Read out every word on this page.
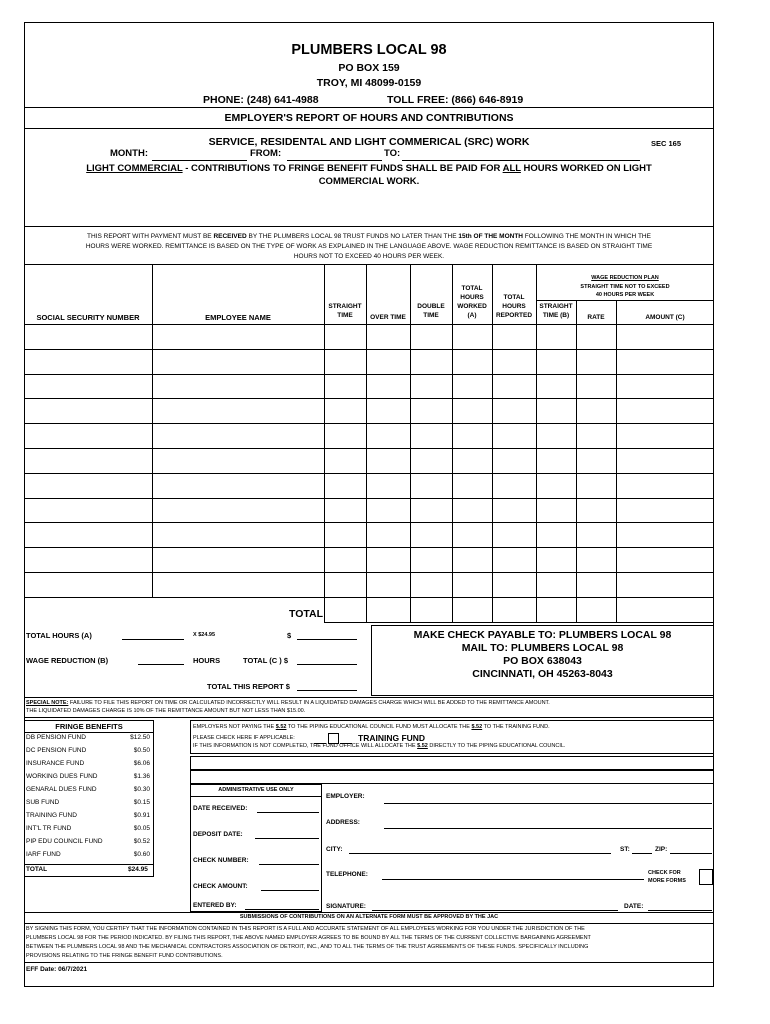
PLUMBERS LOCAL 98
PO BOX 159
TROY, MI 48099-0159
PHONE: (248) 641-4988	TOLL FREE: (866) 646-8919
EMPLOYER'S REPORT OF HOURS AND CONTRIBUTIONS
SERVICE, RESIDENTAL AND LIGHT COMMERICAL (SRC) WORK	SEC 165
MONTH:	FROM:	TO:
LIGHT COMMERCIAL - CONTRIBUTIONS TO FRINGE BENEFIT FUNDS SHALL BE PAID FOR ALL HOURS WORKED ON LIGHT
COMMERCIAL WORK.
THIS REPORT WITH PAYMENT MUST BE RECEIVED BY THE PLUMBERS LOCAL 98 TRUST FUNDS NO LATER THAN THE 15th OF THE MONTH FOLLOWING THE MONTH IN WHICH THE
HOURS WERE WORKED. REMITTANCE IS BASED ON THE TYPE OF WORK AS EXPLAINED IN THE LANGUAGE ABOVE. WAGE REDUCTION REMITTANCE IS BASED ON STRAIGHT TIME
HOURS NOT TO EXCEED 40 HOURS PER WEEK.
WAGE REDUCTION PLAN
STRAIGHT TIME NOT TO EXCEED
40 HOURS PER WEEK
SOCIAL SECURITY NUMBER	EMPLOYEE NAME
STRAIGHT
TIME	OVER TIME
DOUBLE
TIME
TOTAL
HOURS
WORKED
(A)
TOTAL
HOURS
REPORTED
STRAIGHT
TIME (B)	RATE	AMOUNT (C)
TOTAL
TOTAL HOURS (A)	X $24.95	$
WAGE REDUCTION (B)	HOURS	TOTAL (C ) $
TOTAL THIS REPORT $
MAKE CHECK PAYABLE TO: PLUMBERS LOCAL 98
MAIL TO: PLUMBERS LOCAL 98
PO BOX 638043
CINCINNATI, OH 45263-8043
SPECIAL NOTE: FAILURE TO FILE THIS REPORT ON TIME OR CALCULATED INCORRECTLY WILL RESULT IN A LIQUIDATED DAMAGES CHARGE WHICH WILL BE ADDED TO THE REMITTANCE AMOUNT.
THE LIQUIDATED DAMAGES CHARGE IS 10% OF THE REMITTANCE AMOUNT BUT NOT LESS THAN $15.00.
FRINGE BENEFITS
DB PENSION FUND	$12.50
DC PENSION FUND	$0.50
INSURANCE FUND	$6.06
WORKING DUES FUND	$1.36
GENARAL DUES FUND	$0.30
SUB FUND	$0.15
TRAINING FUND	$0.91
INT'L TR FUND	$0.05
PIP EDU COUNCIL FUND	$0.52
IARF FUND	$0.60
TOTAL	$24.95
EMPLOYERS NOT PAYING THE $.52 TO THE PIPING EDUCATIONAL COUNCIL FUND MUST ALLOCATE THE $.52 TO THE TRAINING FUND.
PLEASE CHECK HERE IF APPLICABLE:	TRAINING FUND
IF THIS INFORMATION IS NOT COMPLETED, THE FUND OFFICE WILL ALLOCATE THE $.52 DIRECTLY TO THE PIPING EDUCATIONAL COUNCIL.
ADMINISTRATIVE USE ONLY
DATE RECEIVED:
DEPOSIT DATE:
CHECK NUMBER:
CHECK AMOUNT:
ENTERED BY:
EMPLOYER:
ADDRESS:
CITY:	ST:	ZIP:
TELEPHONE:	CHECK FOR
MORE FORMS
SIGNATURE:	DATE:
SUBMISSIONS OF CONTRIBUTIONS ON AN ALTERNATE FORM MUST BE APPROVED BY THE JAC
BY SIGNING THIS FORM, YOU CERTIFY THAT THE INFORMATION CONTAINED IN THIS REPORT IS A FULL AND ACCURATE STATEMENT OF ALL EMPLOYEES WORKING FOR YOU UNDER THE JURISDICTION OF THE
PLUMBERS LOCAL 98 FOR THE PERIOD INDICATED. BY FILING THIS REPORT, THE ABOVE NAMED EMPLOYER AGREES TO BE BOUND BY ALL THE TERMS OF THE CURRENT COLLECTIVE BARGAINING AGREEMENT
BETWEEN THE PLUMBERS LOCAL 98 AND THE MECHANICAL CONTRACTORS ASSOCIATION OF DETROIT, INC., AND TO ALL THE TERMS OF THE TRUST AGREEMENTS OF THESE FUNDS. SPECIFICALLY INCLUDING
PROVISIONS RELATING TO THE FRINGE BENEFIT FUND CONTRIBUTIONS.
EFF Date: 06/7/2021
